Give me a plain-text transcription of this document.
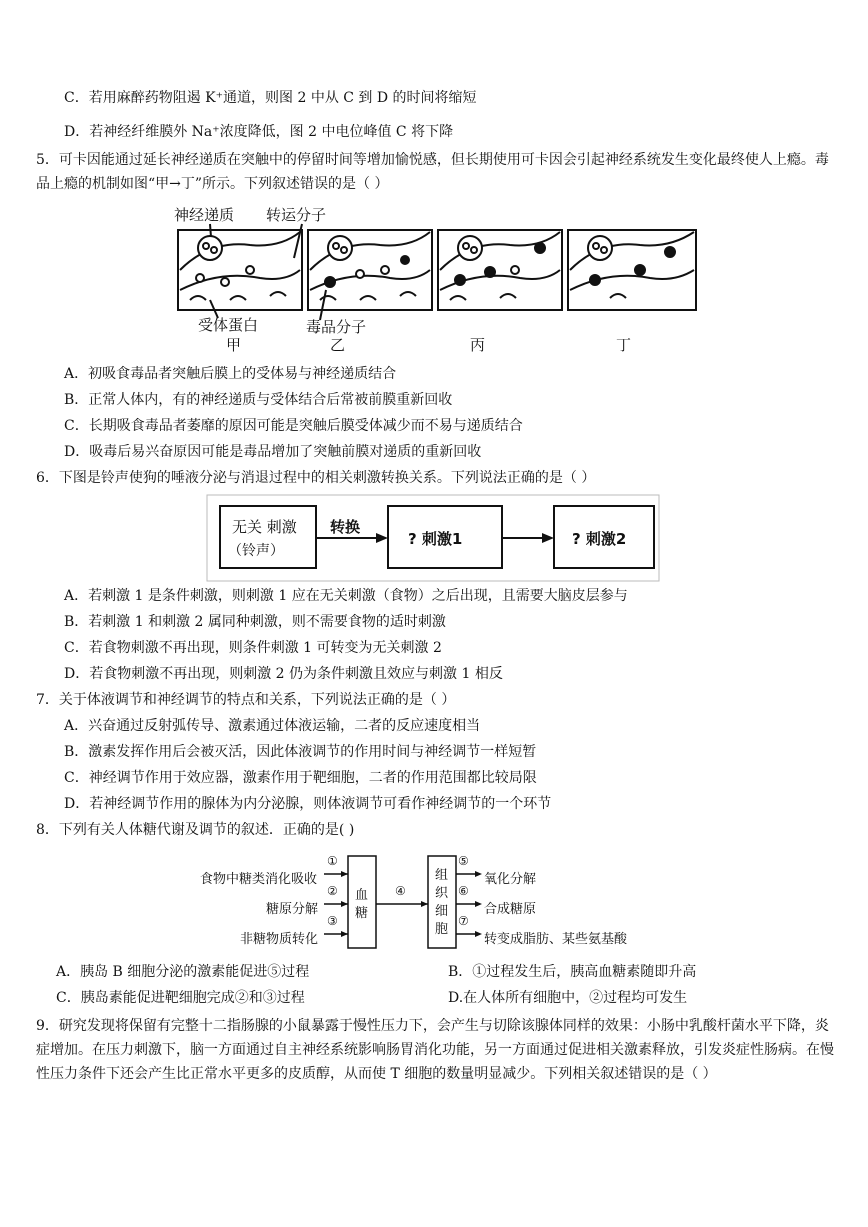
C．若用麻醉药物阻遏 K⁺通道，则图 2 中从 C 到 D 的时间将缩短
D．若神经纤维膜外 Na⁺浓度降低，图 2 中电位峰值 C 将下降
5．可卡因能通过延长神经递质在突触中的停留时间等增加愉悦感，但长期使用可卡因会引起神经系统发生变化最终使人上瘾。毒品上瘾的机制如图“甲→丁”所示。下列叙述错误的是（ ）
神经递质 转运分子
受体蛋白	毒品分子
甲	乙	丙	丁
A．初吸食毒品者突触后膜上的受体易与神经递质结合
B．正常人体内，有的神经递质与受体结合后常被前膜重新回收
C．长期吸食毒品者萎靡的原因可能是突触后膜受体减少而不易与递质结合
D．吸毒后易兴奋原因可能是毒品增加了突触前膜对递质的重新回收
6．下图是铃声使狗的唾液分泌与消退过程中的相关刺激转换关系。下列说法正确的是（ ）
无关 刺激
（铃声）
转换
? 刺激1	? 刺激2
A．若刺激 1 是条件刺激，则刺激 1 应在无关刺激（食物）之后出现，且需要大脑皮层参与
B．若刺激 1 和刺激 2 属同种刺激，则不需要食物的适时刺激
C．若食物刺激不再出现，则条件刺激 1 可转变为无关刺激 2
D．若食物刺激不再出现，则刺激 2 仍为条件刺激且效应与刺激 1 相反
7．关于体液调节和神经调节的特点和关系，下列说法正确的是（ ）
A．兴奋通过反射弧传导、激素通过体液运输，二者的反应速度相当
B．激素发挥作用后会被灭活，因此体液调节的作用时间与神经调节一样短暂
C．神经调节作用于效应器，激素作用于靶细胞，二者的作用范围都比较局限
D．若神经调节作用的腺体为内分泌腺，则体液调节可看作神经调节的一个环节
8．下列有关人体糖代谢及调节的叙述．正确的是( )
食物中糖类消化吸收
糖原分解
非糖物质转化
①
②
③
血
糖
④
组
织
细
胞
⑤
⑥
⑦
氧化分解
合成糖原
转变成脂肪、某些氨基酸
A．胰岛 B 细胞分泌的激素能促进⑤过程	B．①过程发生后，胰高血糖素随即升高
C．胰岛素能促进靶细胞完成②和③过程	D.在人体所有细胞中，②过程均可发生
9．研究发现将保留有完整十二指肠腺的小鼠暴露于慢性压力下，会产生与切除该腺体同样的效果：小肠中乳酸杆菌水平下降，炎症增加。在压力刺激下，脑一方面通过自主神经系统影响肠胃消化功能，另一方面通过促进相关激素释放，引发炎症性肠病。在慢性压力条件下还会产生比正常水平更多的皮质醇，从而使 T 细胞的数量明显减少。下列相关叙述错误的是（ ）
